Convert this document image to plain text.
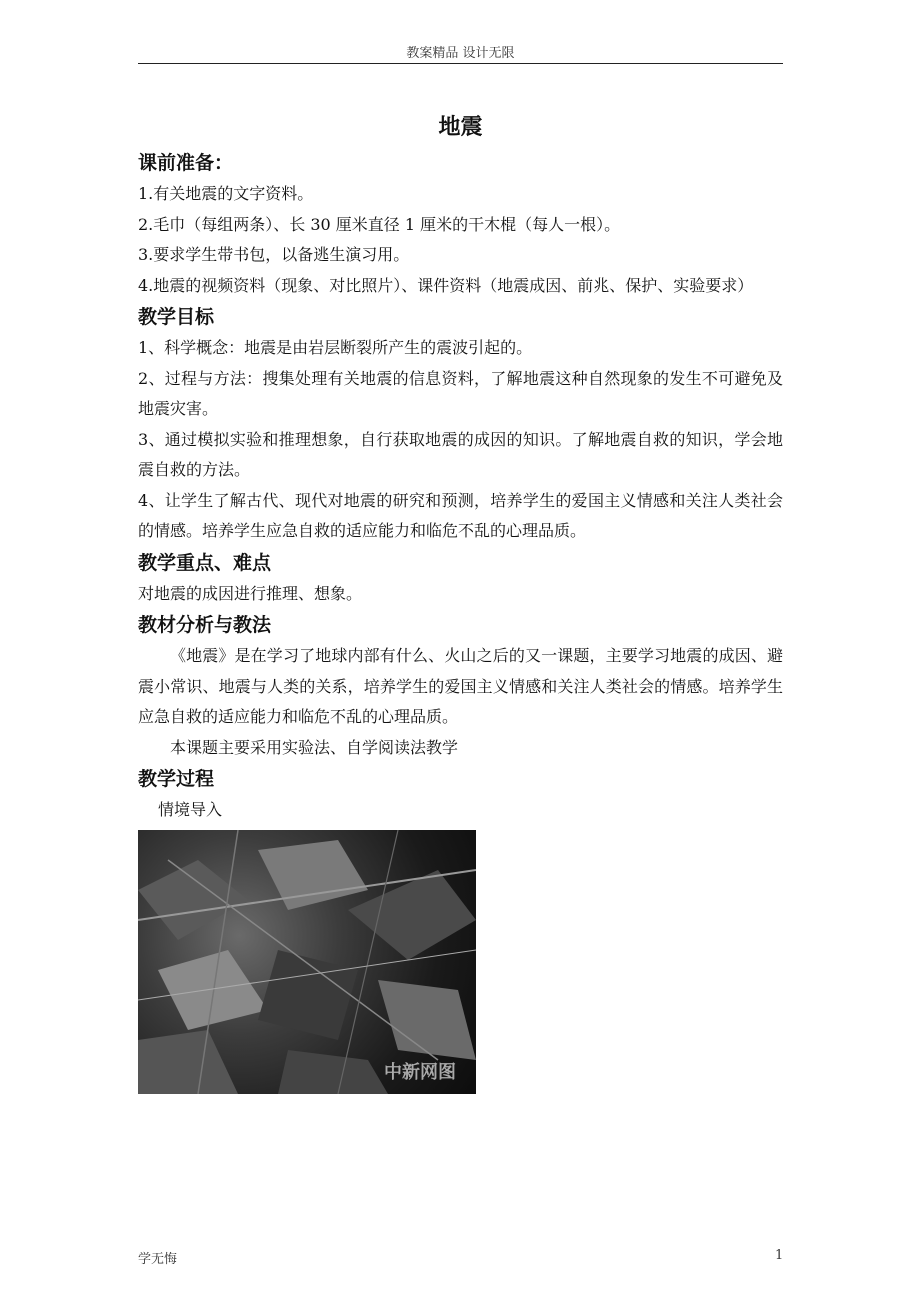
教案精品 设计无限
地震
课前准备：

1.有关地震的文字资料。

2.毛巾（每组两条）、长 30 厘米直径 1 厘米的干木棍（每人一根）。

3.要求学生带书包，以备逃生演习用。

4.地震的视频资料（现象、对比照片）、课件资料（地震成因、前兆、保护、实验要求）

教学目标

1、科学概念：地震是由岩层断裂所产生的震波引起的。

2、过程与方法：搜集处理有关地震的信息资料，了解地震这种自然现象的发生不可避免及地震灾害。

3、通过模拟实验和推理想象，自行获取地震的成因的知识。了解地震自救的知识，学会地震自救的方法。

4、让学生了解古代、现代对地震的研究和预测，培养学生的爱国主义情感和关注人类社会的情感。培养学生应急自救的适应能力和临危不乱的心理品质。

教学重点、难点

对地震的成因进行推理、想象。

教材分析与教法

《地震》是在学习了地球内部有什么、火山之后的又一课题，主要学习地震的成因、避震小常识、地震与人类的关系，培养学生的爱国主义情感和关注人类社会的情感。培养学生应急自救的适应能力和临危不乱的心理品质。

本课题主要采用实验法、自学阅读法教学

教学过程

情境导入

中新网图
学无悔	1
